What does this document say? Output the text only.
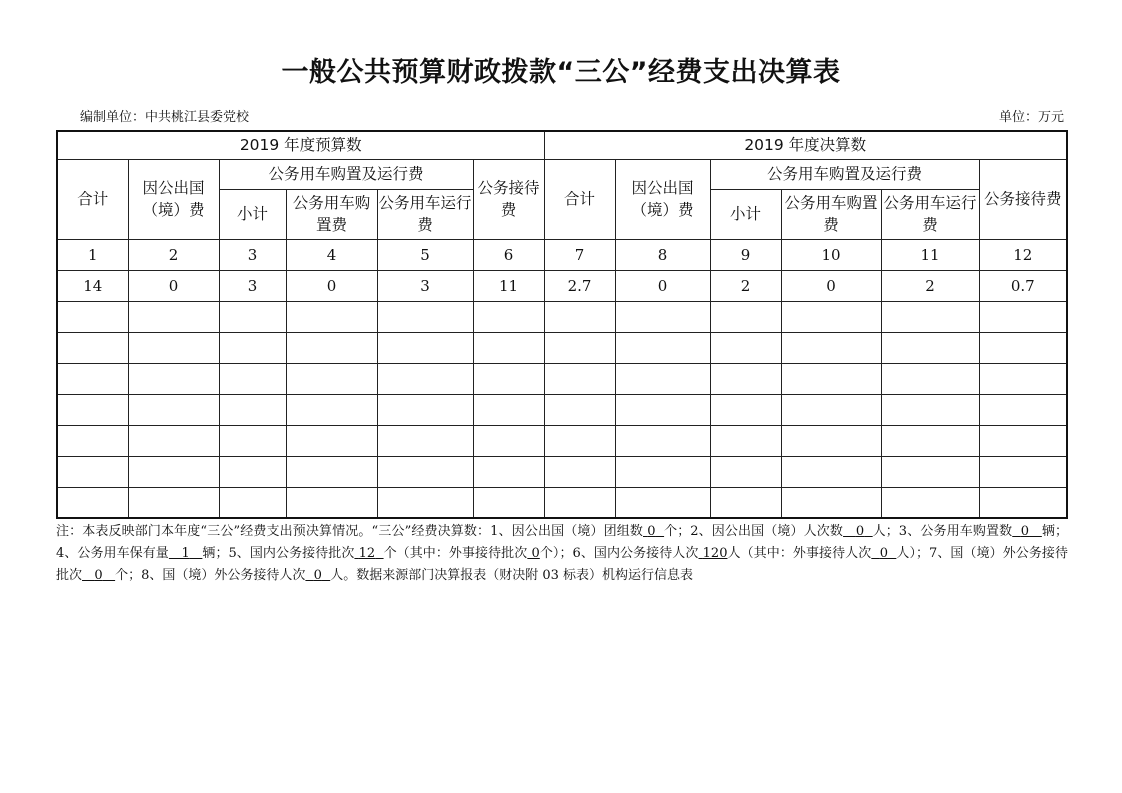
一般公共预算财政拨款“三公”经费支出决算表
编制单位：中共桃江县委党校	单位：万元
2019 年度预算数						2019 年度决算数					
合计	因公出国（境）费	公务用车购置及运行费			公务接待费	合计	因公出国（境）费	公务用车购置及运行费			公务接待费
		小计	公务用车购置费	公务用车运行费				小计	公务用车购置费	公务用车运行费	
1	2	3	4	5	6	7	8	9	10	11	12
14	0	3	0	3	11	2.7	0	2	0	2	0.7

注：本表反映部门本年度“三公”经费支出预决算情况。“三公”经费决算数：1、因公出国（境）团组数 0 个；2、因公出国（境）人次数 0 人；3、公务用车购置数 0 辆；4、公务用车保有量 1 辆；5、国内公务接待批次 12 个（其中：外事接待批次 0个）；6、国内公务接待人次 120人（其中：外事接待人次 0 人）；7、国（境）外公务接待批次 0 个；8、国（境）外公务接待人次 0 人。数据来源部门决算报表（财决附 03 标表）机构运行信息表
